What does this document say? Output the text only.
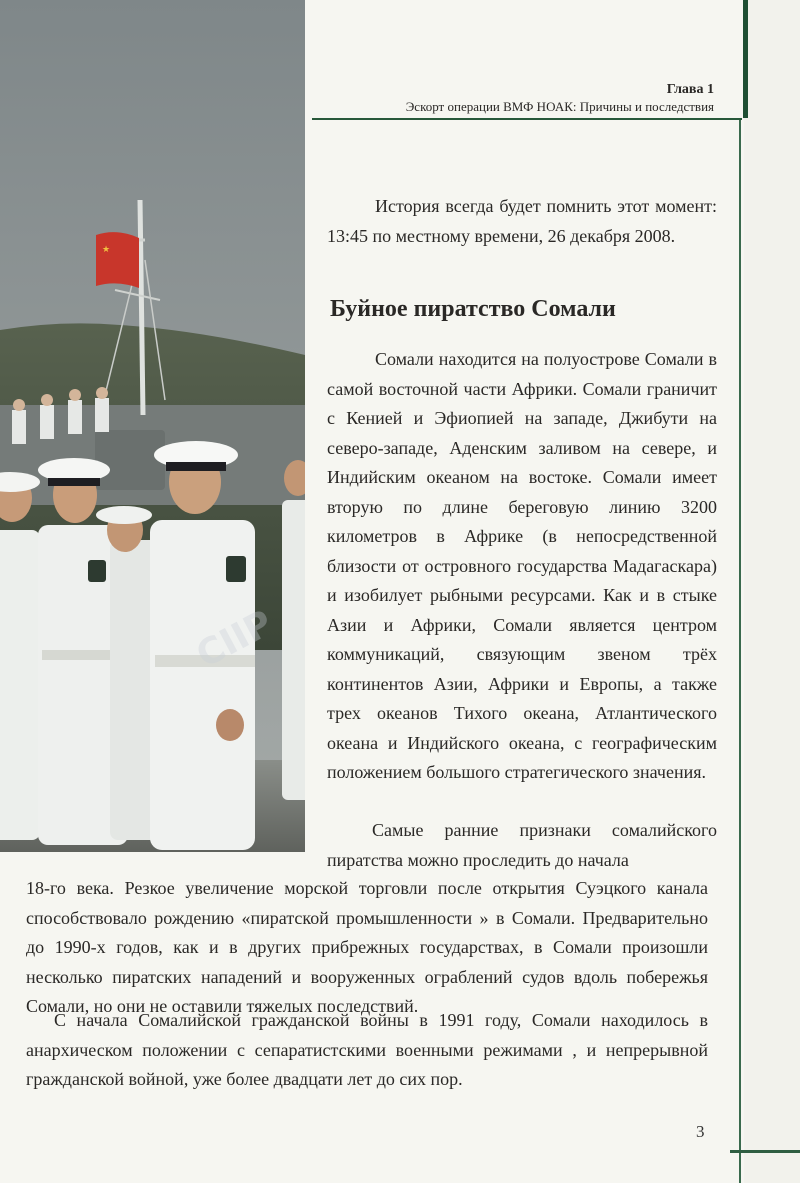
Глава 1
Эскорт операции ВМФ НОАК: Причины и последствия
★
CIIP
История всегда будет помнить этот момент: 13:45 по местному времени, 26 декабря 2008.
Буйное пиратство Сомали
Сомали находится на полуострове Сомали в самой восточной части Африки. Сомали граничит с Кенией и Эфиопией на западе, Джибути на северо-западе, Аденским заливом на севере, и Индийским океаном на востоке. Сомали имеет вторую по длине береговую линию 3200 километров в Африке (в непосредственной близости от островного государства Мадагаскара) и изобилует рыбными ресурсами. Как и в стыке Азии и Африки, Сомали является центром коммуникаций, связующим звеном трёх континентов Азии, Африки и Европы, а также трех океанов Тихого океана, Атлантического океана и Индийского океана, с географическим положением большого стратегического значения.
Самые ранние признаки сомалийского пиратства можно проследить до начала
18-го века. Резкое увеличение морской торговли после открытия Суэцкого канала способствовало рождению «пиратской промышленности » в Сомали. Предварительно до 1990-х годов, как и в других прибрежных государствах, в Сомали произошли несколько пиратских нападений и вооруженных ограблений судов вдоль побережья Сомали, но они не оставили тяжелых последствий.
С начала Сомалийской гражданской войны в 1991 году, Сомали находилось в анархическом положении с сепаратистскими военными режимами , и непрерывной гражданской войной, уже более двадцати лет до сих пор.
3
